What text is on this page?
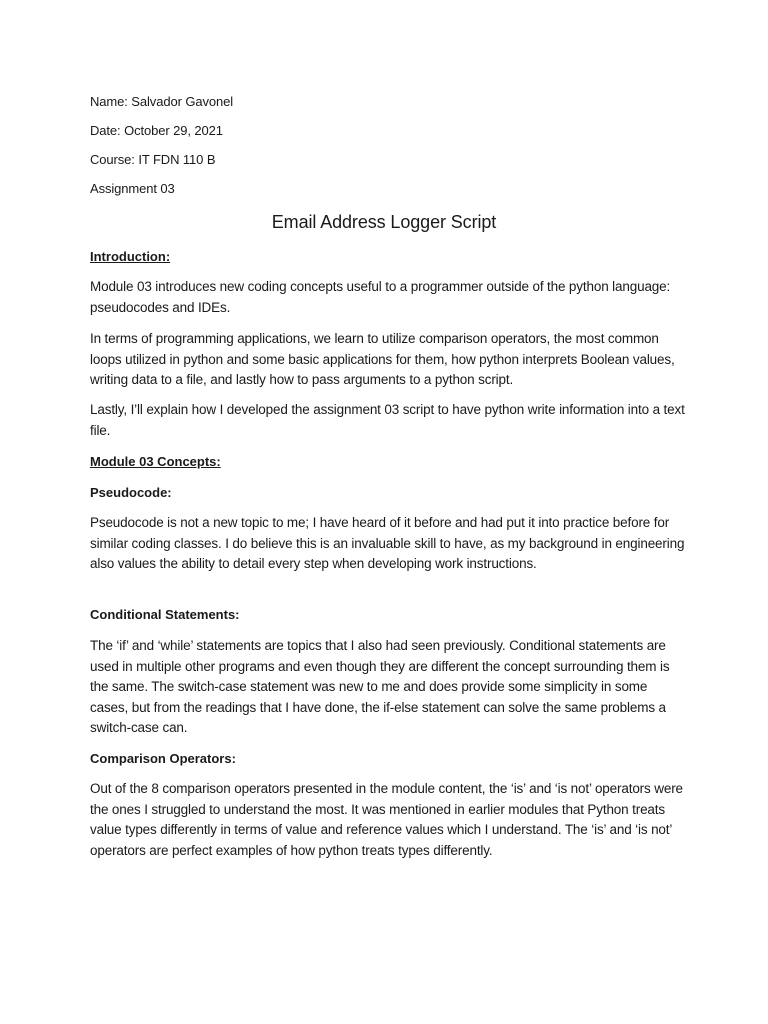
Name: Salvador Gavonel
Date: October 29, 2021
Course: IT FDN 110 B
Assignment 03
Email Address Logger Script
Introduction:
Module 03 introduces new coding concepts useful to a programmer outside of the python language: pseudocodes and IDEs.
In terms of programming applications, we learn to utilize comparison operators, the most common loops utilized in python and some basic applications for them, how python interprets Boolean values, writing data to a file, and lastly how to pass arguments to a python script.
Lastly, I’ll explain how I developed the assignment 03 script to have python write information into a text file.
Module 03 Concepts:
Pseudocode:
Pseudocode is not a new topic to me; I have heard of it before and had put it into practice before for similar coding classes. I do believe this is an invaluable skill to have, as my background in engineering also values the ability to detail every step when developing work instructions.
Conditional Statements:
The ‘if’ and ‘while’ statements are topics that I also had seen previously. Conditional statements are used in multiple other programs and even though they are different the concept surrounding them is the same. The switch-case statement was new to me and does provide some simplicity in some cases, but from the readings that I have done, the if-else statement can solve the same problems a switch-case can.
Comparison Operators:
Out of the 8 comparison operators presented in the module content, the ‘is’ and ‘is not’ operators were the ones I struggled to understand the most. It was mentioned in earlier modules that Python treats value types differently in terms of value and reference values which I understand. The ‘is’ and ‘is not’ operators are perfect examples of how python treats types differently.
